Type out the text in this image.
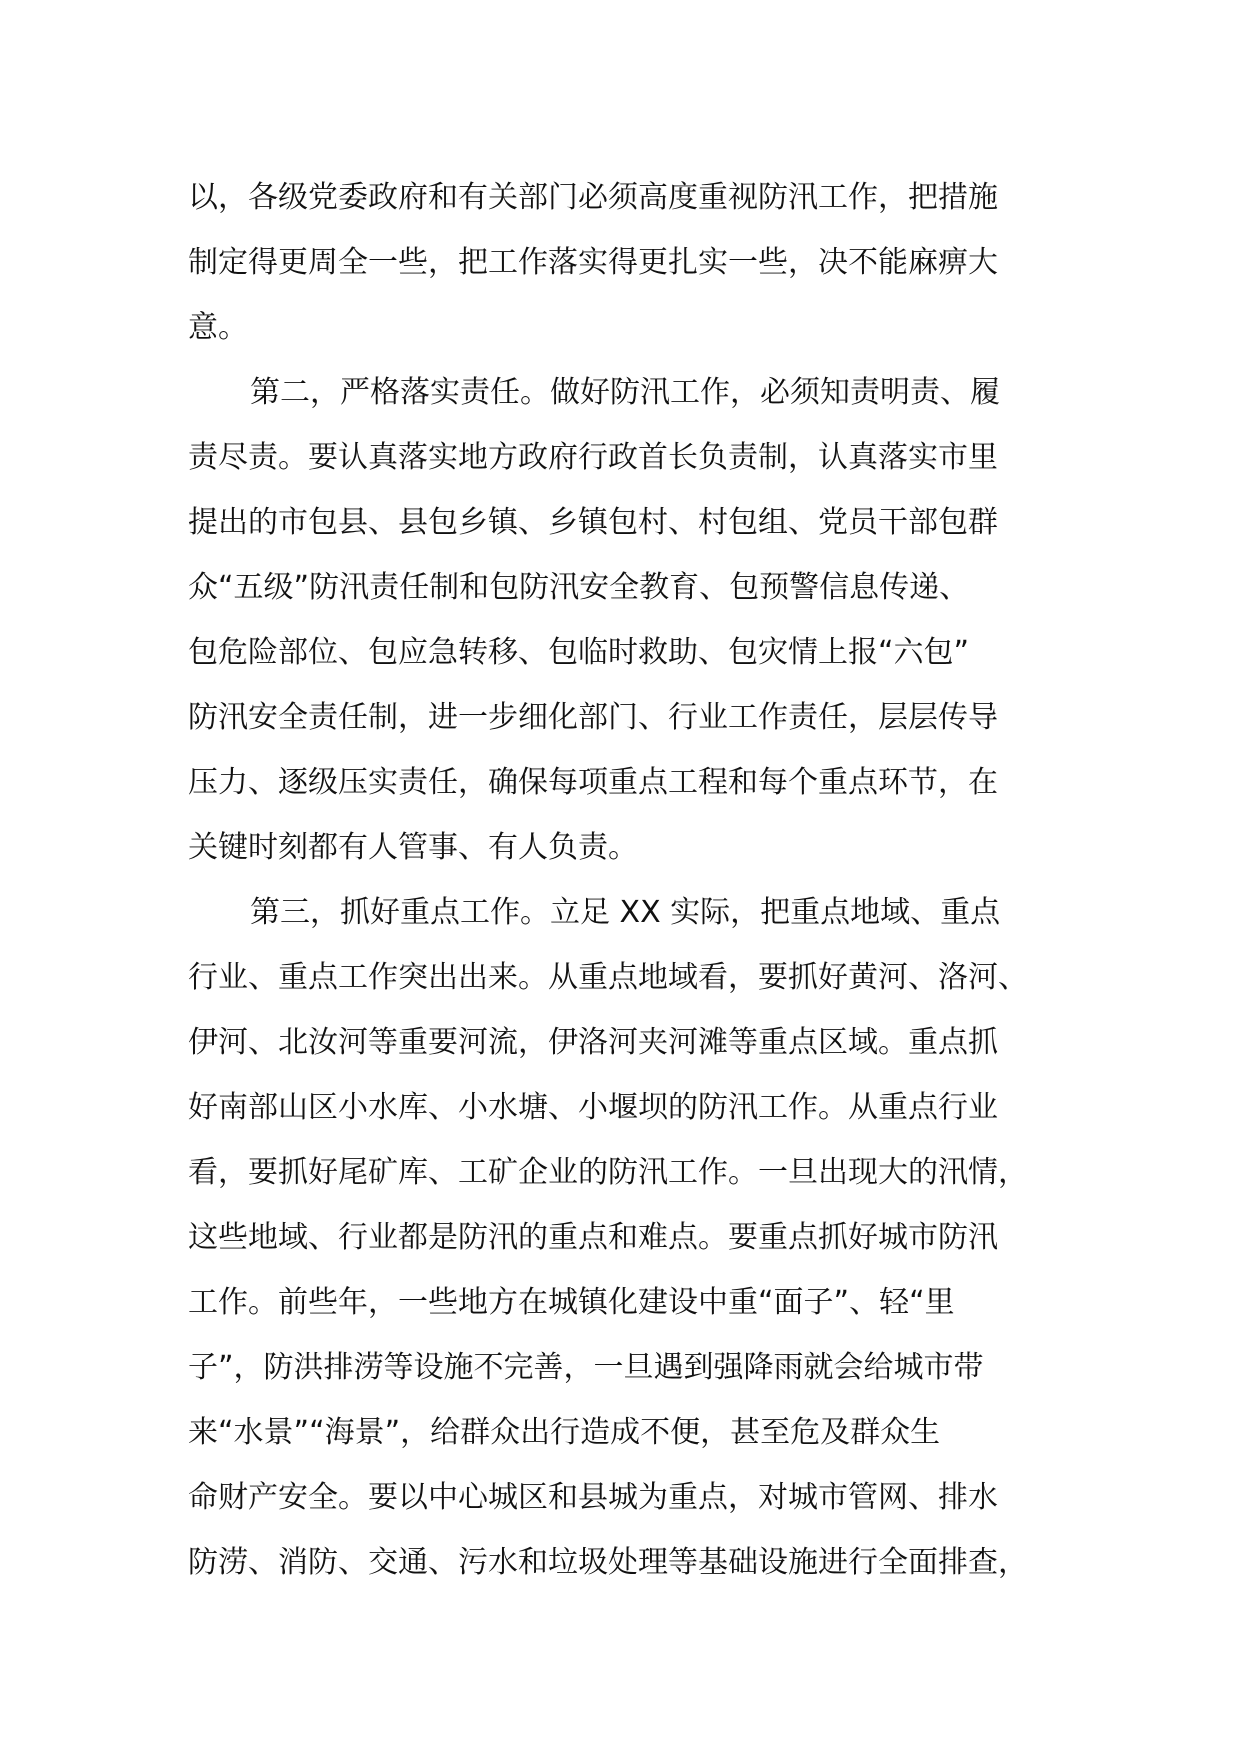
以，各级党委政府和有关部门必须高度重视防汛工作，把措施
制定得更周全一些，把工作落实得更扎实一些，决不能麻痹大
意。
第二，严格落实责任。做好防汛工作，必须知责明责、履
责尽责。要认真落实地方政府行政首长负责制，认真落实市里
提出的市包县、县包乡镇、乡镇包村、村包组、党员干部包群
众“五级”防汛责任制和包防汛安全教育、包预警信息传递、
包危险部位、包应急转移、包临时救助、包灾情上报“六包”
防汛安全责任制，进一步细化部门、行业工作责任，层层传导
压力、逐级压实责任，确保每项重点工程和每个重点环节，在
关键时刻都有人管事、有人负责。
第三，抓好重点工作。立足 XX 实际，把重点地域、重点
行业、重点工作突出出来。从重点地域看，要抓好黄河、洛河、
伊河、北汝河等重要河流，伊洛河夹河滩等重点区域。重点抓
好南部山区小水库、小水塘、小堰坝的防汛工作。从重点行业
看，要抓好尾矿库、工矿企业的防汛工作。一旦出现大的汛情，
这些地域、行业都是防汛的重点和难点。要重点抓好城市防汛
工作。前些年，一些地方在城镇化建设中重“面子”、轻“里
子”，防洪排涝等设施不完善，一旦遇到强降雨就会给城市带
来“水景”“海景”，给群众出行造成不便，甚至危及群众生
命财产安全。要以中心城区和县城为重点，对城市管网、排水
防涝、消防、交通、污水和垃圾处理等基础设施进行全面排查，
